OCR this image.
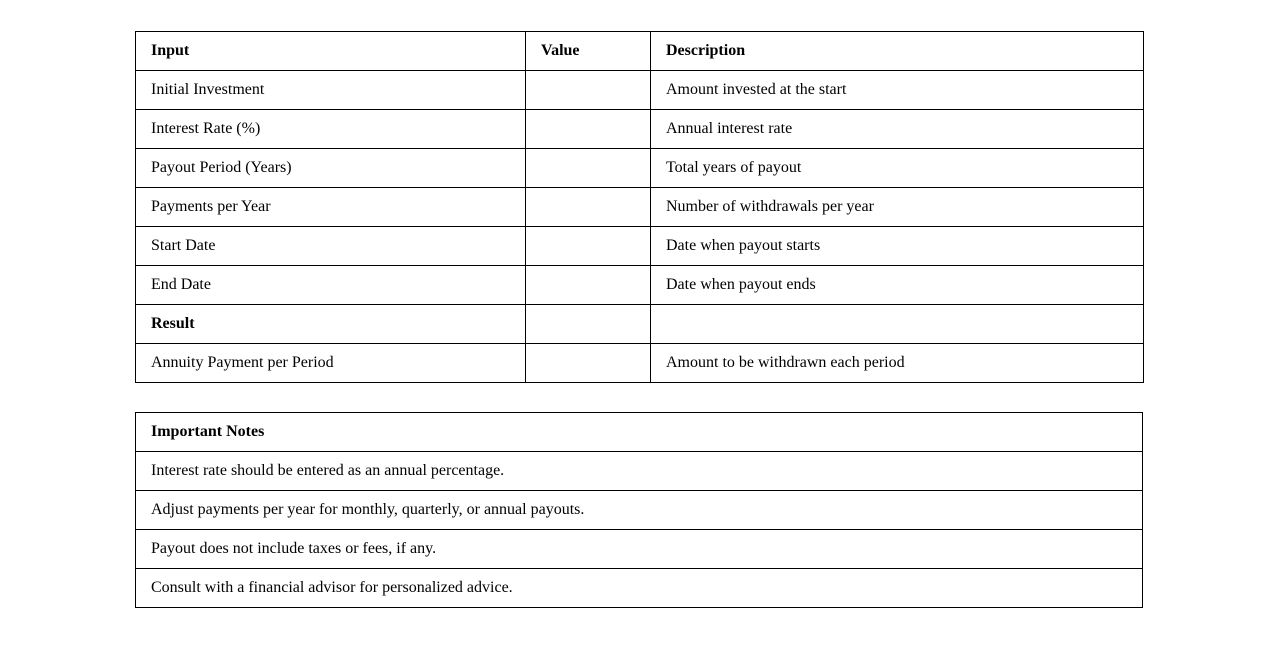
Input	Value	Description
Initial Investment		Amount invested at the start
Interest Rate (%)		Annual interest rate
Payout Period (Years)		Total years of payout
Payments per Year		Number of withdrawals per year
Start Date		Date when payout starts
End Date		Date when payout ends
Result		
Annuity Payment per Period		Amount to be withdrawn each period
Important Notes
Interest rate should be entered as an annual percentage.
Adjust payments per year for monthly, quarterly, or annual payouts.
Payout does not include taxes or fees, if any.
Consult with a financial advisor for personalized advice.
